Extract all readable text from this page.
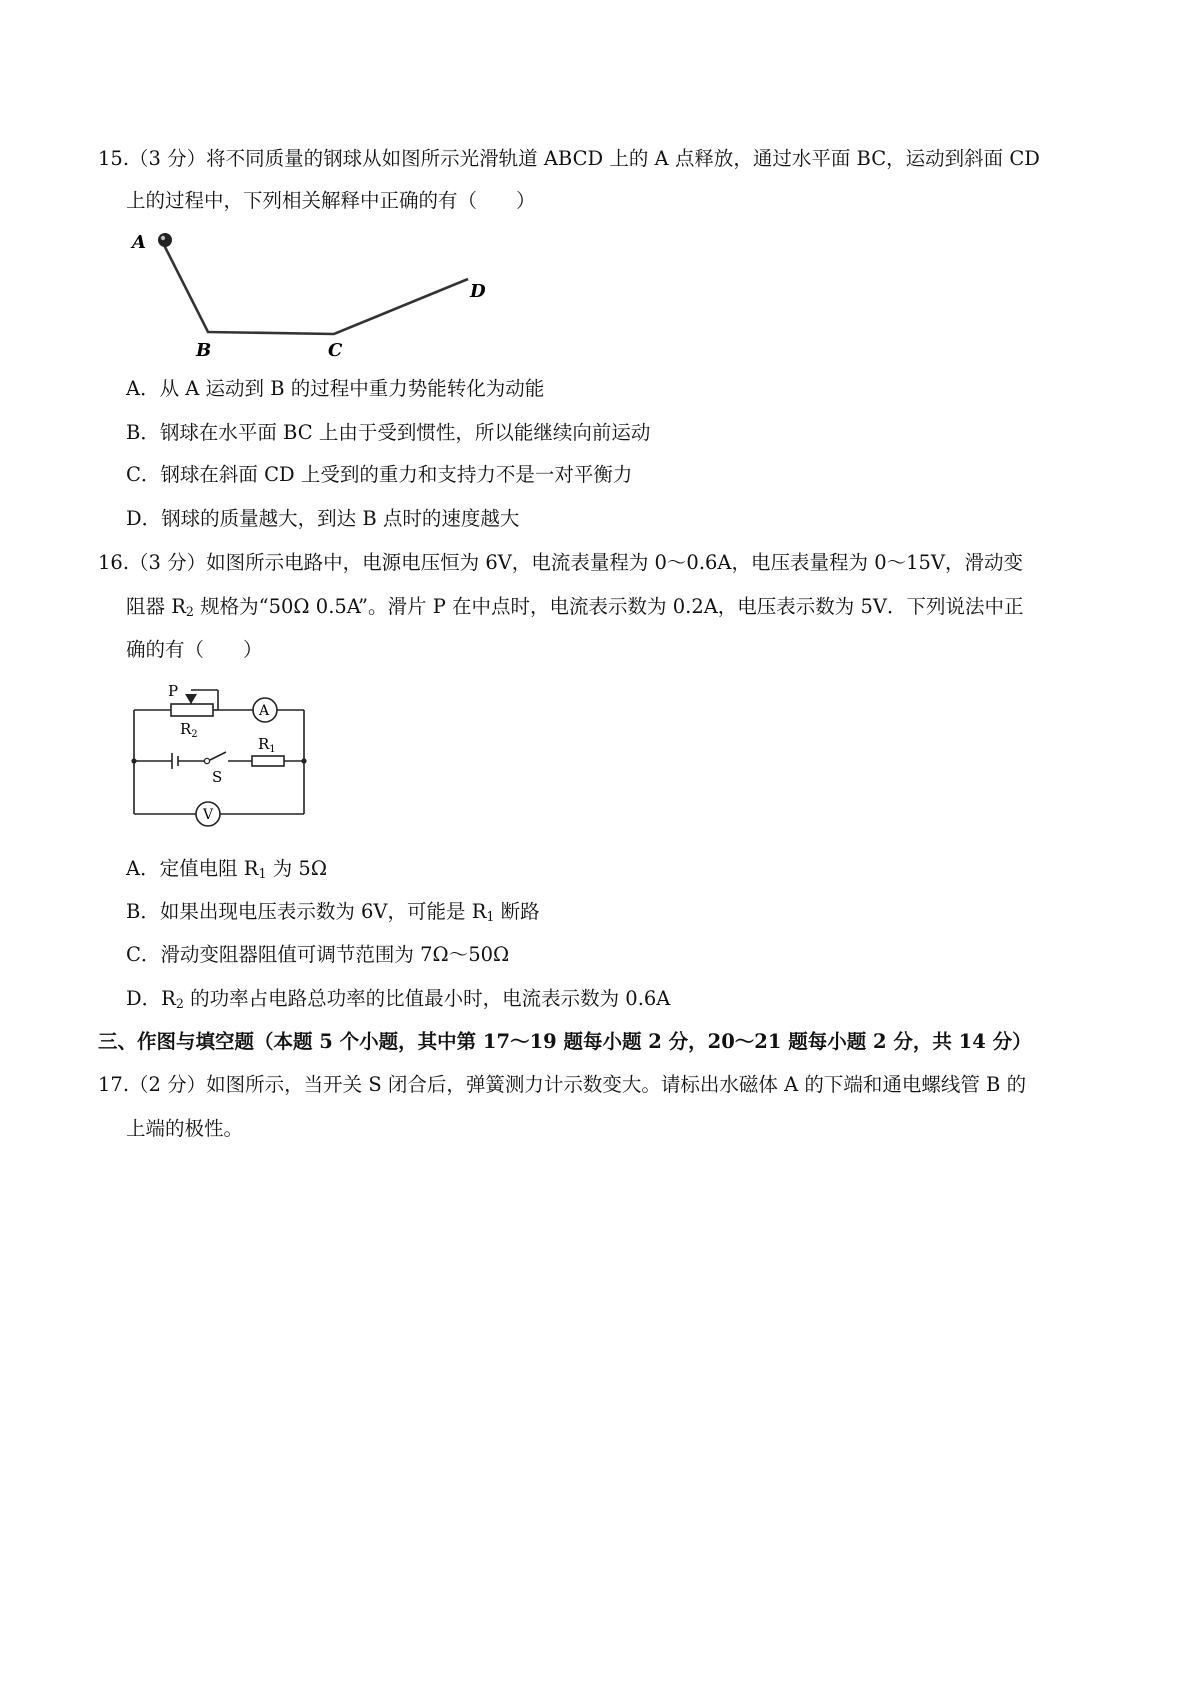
15.（3 分）将不同质量的钢球从如图所示光滑轨道 ABCD 上的 A 点释放，通过水平面 BC，运动到斜面 CD
上的过程中，下列相关解释中正确的有（　　）
A
B	C
D
A．从 A 运动到 B 的过程中重力势能转化为动能
B．钢球在水平面 BC 上由于受到惯性，所以能继续向前运动
C．钢球在斜面 CD 上受到的重力和支持力不是一对平衡力
D．钢球的质量越大，到达 B 点时的速度越大
16.（3 分）如图所示电路中，电源电压恒为 6V，电流表量程为 0～0.6A，电压表量程为 0～15V，滑动变
阻器 $R_2$ 规格为“50Ω 0.5A”。滑片 P 在中点时，电流表示数为 0.2A，电压表示数为 5V．下列说法中正
确的有（　　）
P
$R_2$
A
$R_1$
S
V
A．定值电阻 $R_1$ 为 5Ω
B．如果出现电压表示数为 6V，可能是 $R_1$ 断路
C．滑动变阻器阻值可调节范围为 7Ω～50Ω
D．$R_2$ 的功率占电路总功率的比值最小时，电流表示数为 0.6A
三、作图与填空题（本题 5 个小题，其中第 17～19 题每小题 2 分，20～21 题每小题 2 分，共 14 分）
17.（2 分）如图所示，当开关 S 闭合后，弹簧测力计示数变大。请标出水磁体 A 的下端和通电螺线管 B 的
上端的极性。
